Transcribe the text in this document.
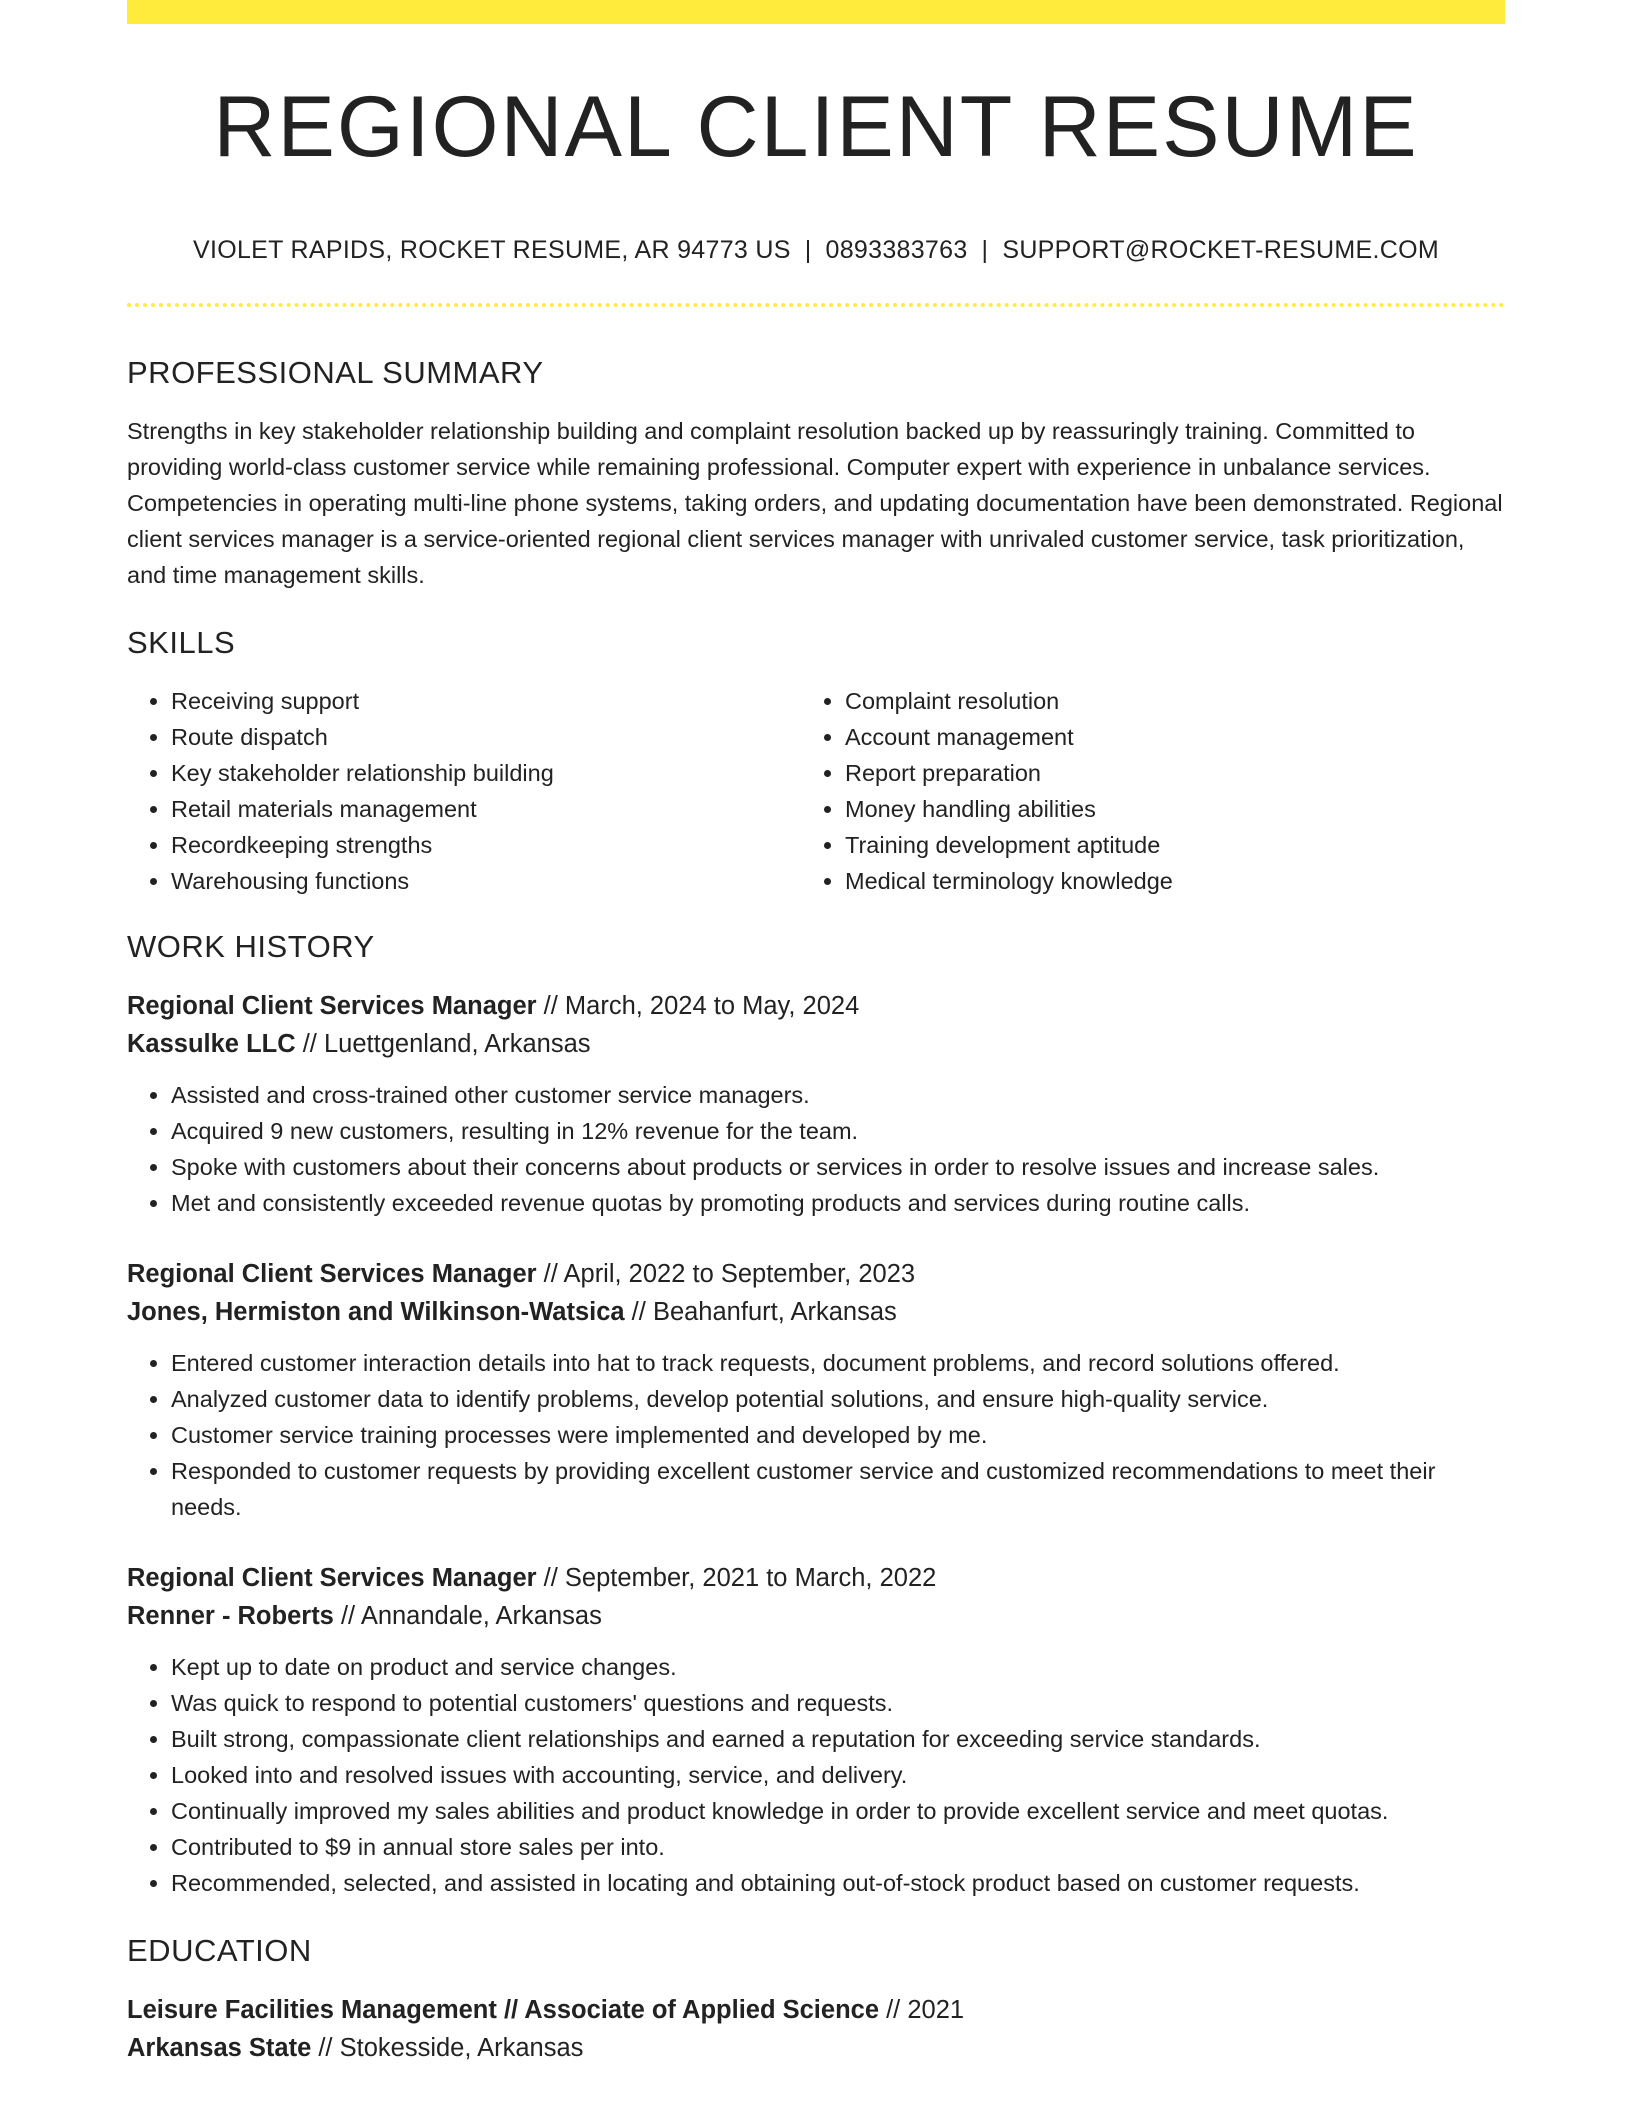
REGIONAL CLIENT RESUME
VIOLET RAPIDS, ROCKET RESUME, AR 94773 US | 0893383763 | SUPPORT@ROCKET-RESUME.COM
PROFESSIONAL SUMMARY
Strengths in key stakeholder relationship building and complaint resolution backed up by reassuringly training. Committed to providing world-class customer service while remaining professional. Computer expert with experience in unbalance services. Competencies in operating multi-line phone systems, taking orders, and updating documentation have been demonstrated. Regional client services manager is a service-oriented regional client services manager with unrivaled customer service, task prioritization, and time management skills.
SKILLS
• Receiving support
• Route dispatch
• Key stakeholder relationship building
• Retail materials management
• Recordkeeping strengths
• Warehousing functions
• Complaint resolution
• Account management
• Report preparation
• Money handling abilities
• Training development aptitude
• Medical terminology knowledge
WORK HISTORY
Regional Client Services Manager // March, 2024 to May, 2024
Kassulke LLC // Luettgenland, Arkansas
• Assisted and cross-trained other customer service managers.
• Acquired 9 new customers, resulting in 12% revenue for the team.
• Spoke with customers about their concerns about products or services in order to resolve issues and increase sales.
• Met and consistently exceeded revenue quotas by promoting products and services during routine calls.
Regional Client Services Manager // April, 2022 to September, 2023
Jones, Hermiston and Wilkinson-Watsica // Beahanfurt, Arkansas
• Entered customer interaction details into hat to track requests, document problems, and record solutions offered.
• Analyzed customer data to identify problems, develop potential solutions, and ensure high-quality service.
• Customer service training processes were implemented and developed by me.
• Responded to customer requests by providing excellent customer service and customized recommendations to meet their needs.
Regional Client Services Manager // September, 2021 to March, 2022
Renner - Roberts // Annandale, Arkansas
• Kept up to date on product and service changes.
• Was quick to respond to potential customers' questions and requests.
• Built strong, compassionate client relationships and earned a reputation for exceeding service standards.
• Looked into and resolved issues with accounting, service, and delivery.
• Continually improved my sales abilities and product knowledge in order to provide excellent service and meet quotas.
• Contributed to $9 in annual store sales per into.
• Recommended, selected, and assisted in locating and obtaining out-of-stock product based on customer requests.
EDUCATION
Leisure Facilities Management // Associate of Applied Science // 2021
Arkansas State // Stokesside, Arkansas
